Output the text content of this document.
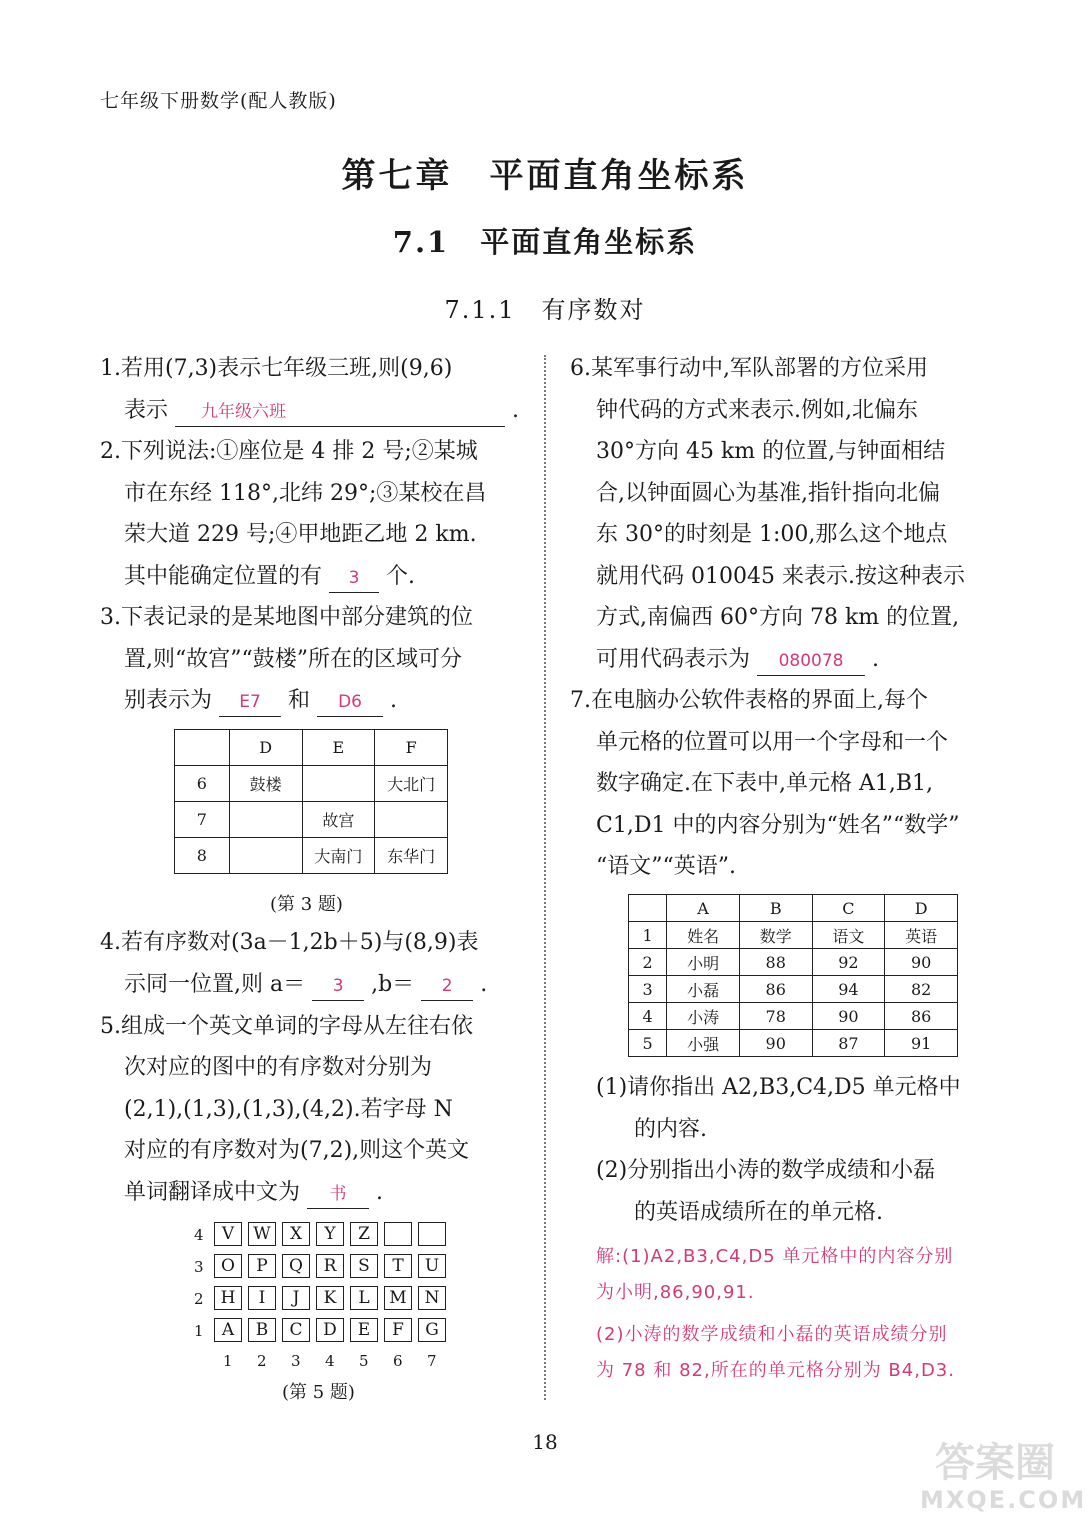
七年级下册数学(配人教版)
第七章　平面直角坐标系
7.1　平面直角坐标系
7.1.1　有序数对
1.若用(7,3)表示七年级三班,则(9,6)
表示 九年级六班	.
2.下列说法:①座位是 4 排 2 号;②某城
市在东经 118°,北纬 29°;③某校在昌
荣大道 229 号;④甲地距乙地 2 km.
其中能确定位置的有 3 个.
3.下表记录的是某地图中部分建筑的位
置,则“故宫”“鼓楼”所在的区域可分
别表示为 E7 和 D6 .
	D	E	F
6	鼓楼		大北门
7		故宫	
8		大南门	东华门
(第 3 题)
4.若有序数对(3a－1,2b＋5)与(8,9)表
示同一位置,则 a＝ 3 ,b＝ 2 .
5.组成一个英文单词的字母从左往右依
次对应的图中的有序数对分别为
(2,1),(1,3),(1,3),(4,2).若字母 N
对应的有序数对为(7,2),则这个英文
单词翻译成中文为 书 .
4	V	W	X	Y	Z
3	O	P	Q	R	S	T	U
2	H	I	J	K	L	M	N
1	A	B	C	D	E	F	G
1 2 3 4 5 6 7
(第 5 题)
6.某军事行动中,军队部署的方位采用
钟代码的方式来表示.例如,北偏东
30°方向 45 km 的位置,与钟面相结
合,以钟面圆心为基准,指针指向北偏
东 30°的时刻是 1:00,那么这个地点
就用代码 010045 来表示.按这种表示
方式,南偏西 60°方向 78 km 的位置,
可用代码表示为 080078 .
7.在电脑办公软件表格的界面上,每个
单元格的位置可以用一个字母和一个
数字确定.在下表中,单元格 A1,B1,
C1,D1 中的内容分别为“姓名”“数学”
“语文”“英语”.
	A	B	C	D
1	姓名	数学	语文	英语
2	小明	88	92	90
3	小磊	86	94	82
4	小涛	78	90	86
5	小强	90	87	91
(1)请你指出 A2,B3,C4,D5 单元格中
的内容.
(2)分别指出小涛的数学成绩和小磊
的英语成绩所在的单元格.
解:(1)A2,B3,C4,D5 单元格中的内容分别
为小明,86,90,91.
(2)小涛的数学成绩和小磊的英语成绩分别
为 78 和 82,所在的单元格分别为 B4,D3.
18	答案圈
MXQE.COM
